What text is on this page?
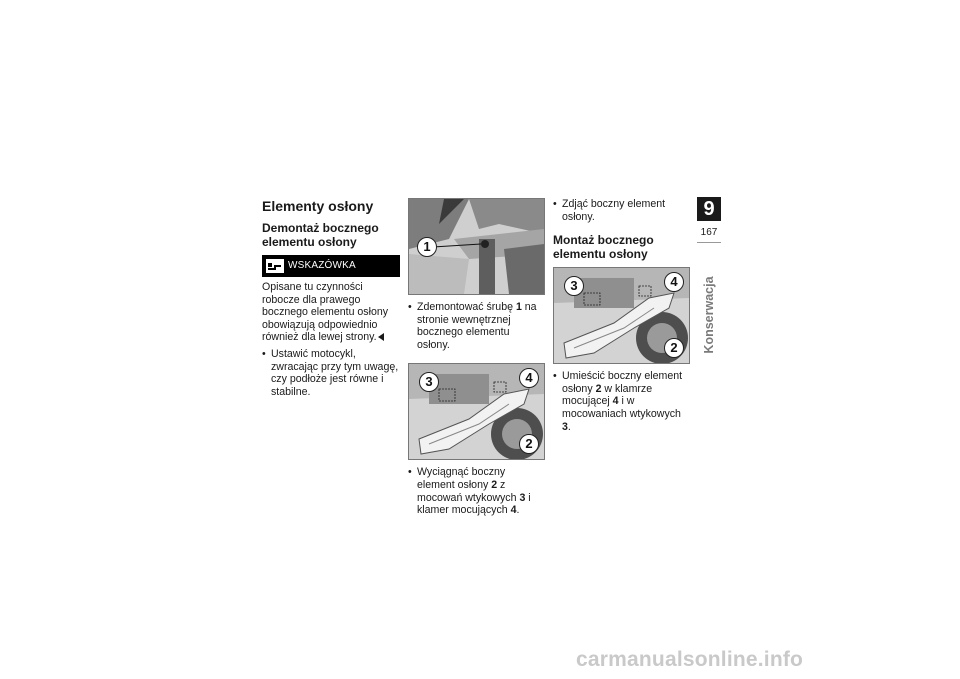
Elementy osłony
Demontaż bocznego elementu osłony
WSKAZÓWKA

Opisane tu czynności robocze dla prawego bocznego elementu osłony obowiązują odpowiednio również dla lewej strony.

• Ustawić motocykl, zwracając przy tym uwagę, czy podłoże jest równe i stabilne.
1
• Zdemontować śrubę 1 na stronie wewnętrznej bocznego elementu osłony.
3	4
2
• Wyciągnąć boczny element osłony 2 z mocowań wtykowych 3 i klamer mocujących 4.
• Zdjąć boczny element osłony.
Montaż bocznego elementu osłony
3	4
2
• Umieścić boczny element osłony 2 w klamrze mocującej 4 i w mocowaniach wtykowych 3.
9
167
Konserwacja
carmanualsonline.info
